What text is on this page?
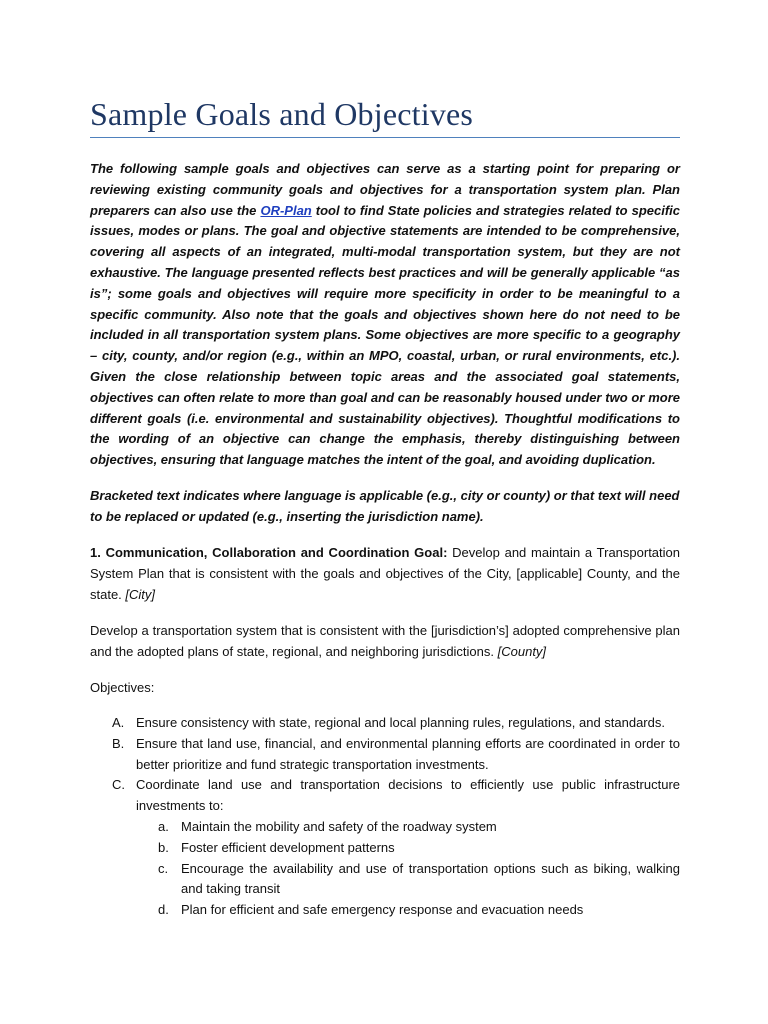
Sample Goals and Objectives

The following sample goals and objectives can serve as a starting point for preparing or reviewing existing community goals and objectives for a transportation system plan. Plan preparers can also use the OR-Plan tool to find State policies and strategies related to specific issues, modes or plans. The goal and objective statements are intended to be comprehensive, covering all aspects of an integrated, multi-modal transportation system, but they are not exhaustive. The language presented reflects best practices and will be generally applicable “as is”; some goals and objectives will require more specificity in order to be meaningful to a specific community. Also note that the goals and objectives shown here do not need to be included in all transportation system plans. Some objectives are more specific to a geography – city, county, and/or region (e.g., within an MPO, coastal, urban, or rural environments, etc.). Given the close relationship between topic areas and the associated goal statements, objectives can often relate to more than goal and can be reasonably housed under two or more different goals (i.e. environmental and sustainability objectives). Thoughtful modifications to the wording of an objective can change the emphasis, thereby distinguishing between objectives, ensuring that language matches the intent of the goal, and avoiding duplication.

Bracketed text indicates where language is applicable (e.g., city or county) or that text will need to be replaced or updated (e.g., inserting the jurisdiction name).

1. Communication, Collaboration and Coordination Goal: Develop and maintain a Transportation System Plan that is consistent with the goals and objectives of the City, [applicable] County, and the state. [City]

Develop a transportation system that is consistent with the [jurisdiction’s] adopted comprehensive plan and the adopted plans of state, regional, and neighboring jurisdictions. [County]

Objectives:

A. Ensure consistency with state, regional and local planning rules, regulations, and standards.
B. Ensure that land use, financial, and environmental planning efforts are coordinated in order to better prioritize and fund strategic transportation investments.
C. Coordinate land use and transportation decisions to efficiently use public infrastructure investments to:
a. Maintain the mobility and safety of the roadway system
b. Foster efficient development patterns
c. Encourage the availability and use of transportation options such as biking, walking and taking transit
d. Plan for efficient and safe emergency response and evacuation needs
